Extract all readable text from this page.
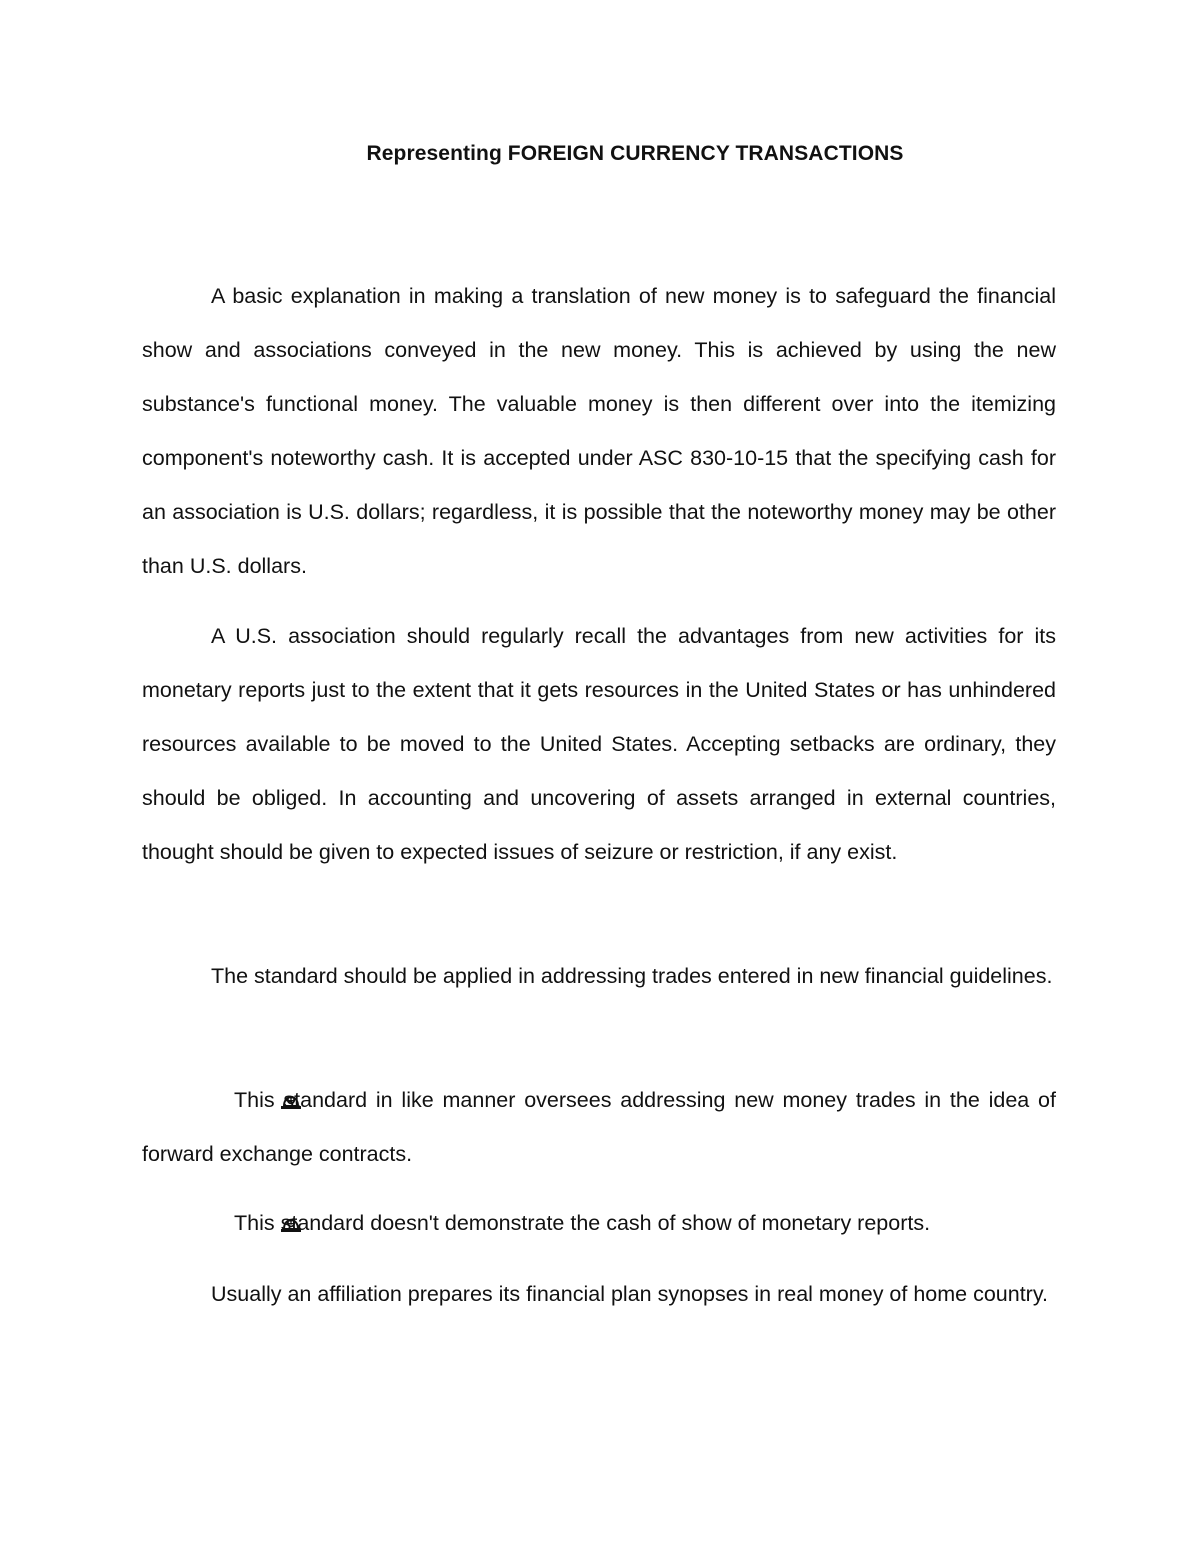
Representing FOREIGN CURRENCY TRANSACTIONS

A basic explanation in making a translation of new money is to safeguard the financial show and associations conveyed in the new money. This is achieved by using the new substance's functional money. The valuable money is then different over into the itemizing component's noteworthy cash. It is accepted under ASC 830-10-15 that the specifying cash for an association is U.S. dollars; regardless, it is possible that the noteworthy money may be other than U.S. dollars.

A U.S. association should regularly recall the advantages from new activities for its monetary reports just to the extent that it gets resources in the United States or has unhindered resources available to be moved to the United States. Accepting setbacks are ordinary, they should be obliged. In accounting and uncovering of assets arranged in external countries, thought should be given to expected issues of seizure or restriction, if any exist.

The standard should be applied in addressing trades entered in new financial guidelines.

This standard in like manner oversees addressing new money trades in the idea of forward exchange contracts.

This standard doesn't demonstrate the cash of show of monetary reports.

Usually an affiliation prepares its financial plan synopses in real money of home country.
